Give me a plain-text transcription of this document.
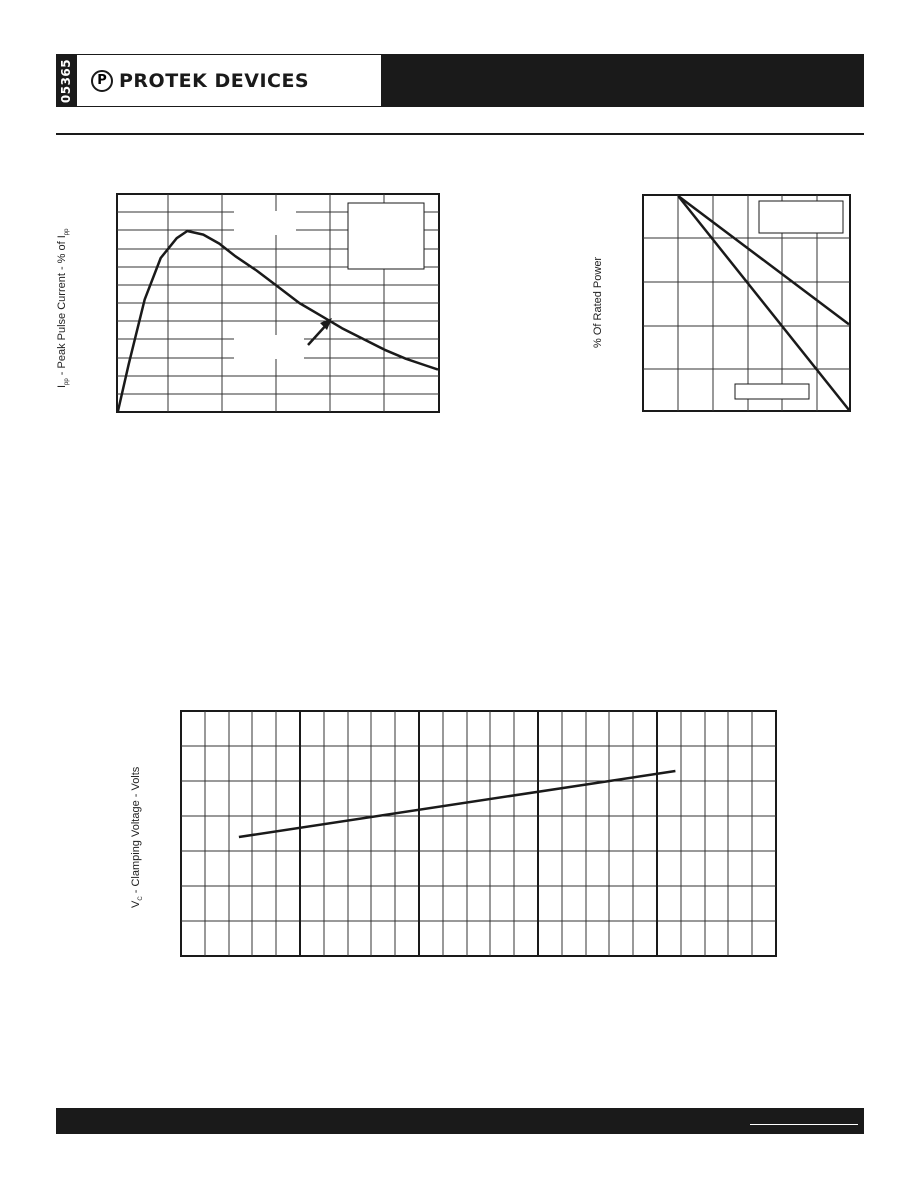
05365	P PROTEK DEVICES
$I_{pp}$ - Peak Pulse Current - % of $I_{pp}$
% Of Rated Power
$V_C$ - Clamping Voltage - Volts
